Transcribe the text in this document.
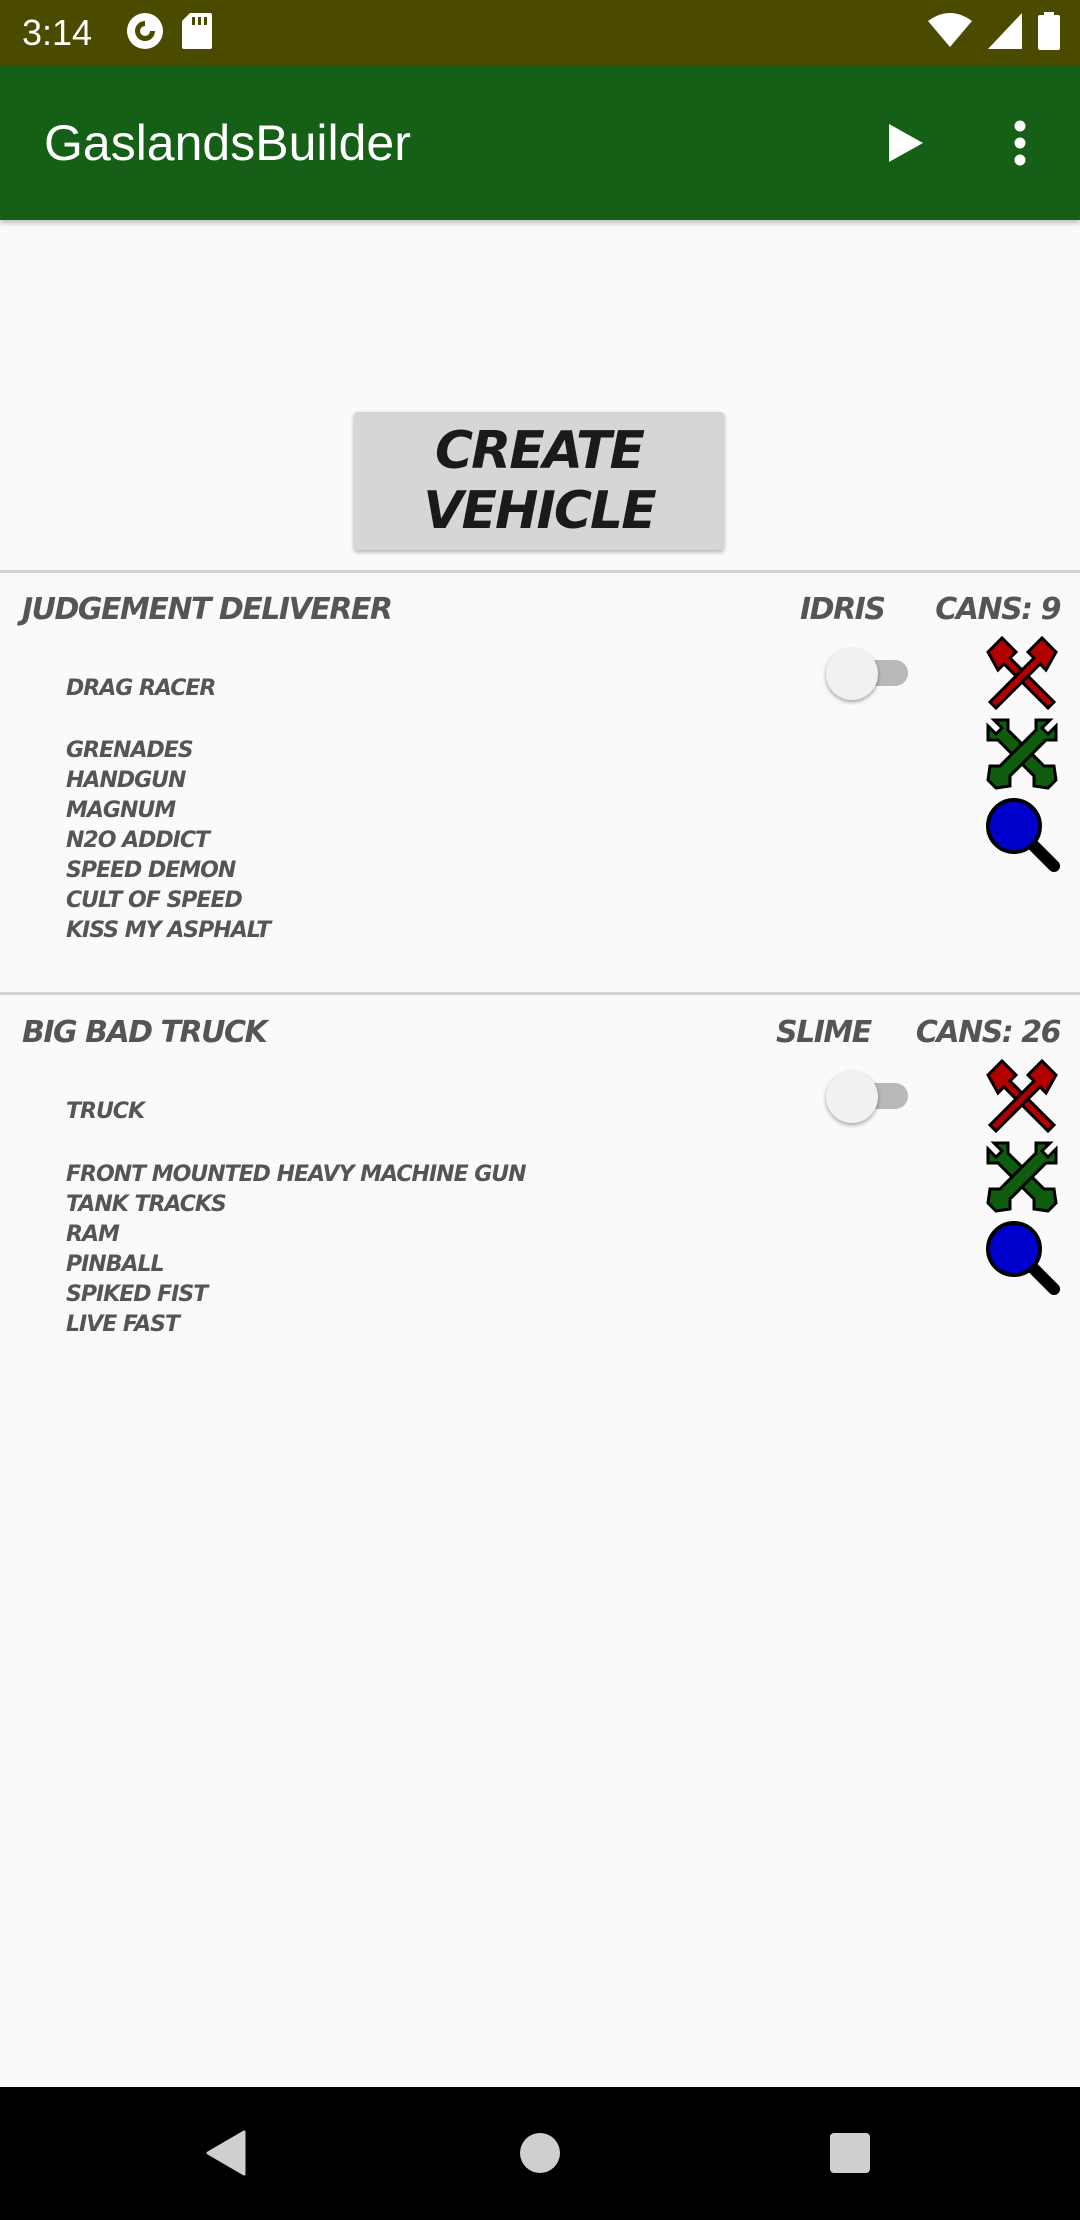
3:14
GaslandsBuilder
CREATE VEHICLE
JUDGEMENT DELIVERER	IDRIS CANS: 9
DRAG RACER
GRENADES
HANDGUN
MAGNUM
N2O ADDICT
SPEED DEMON
CULT OF SPEED
KISS MY ASPHALT
BIG BAD TRUCK	SLIME CANS: 26
TRUCK
FRONT MOUNTED HEAVY MACHINE GUN
TANK TRACKS
RAM
PINBALL
SPIKED FIST
LIVE FAST
